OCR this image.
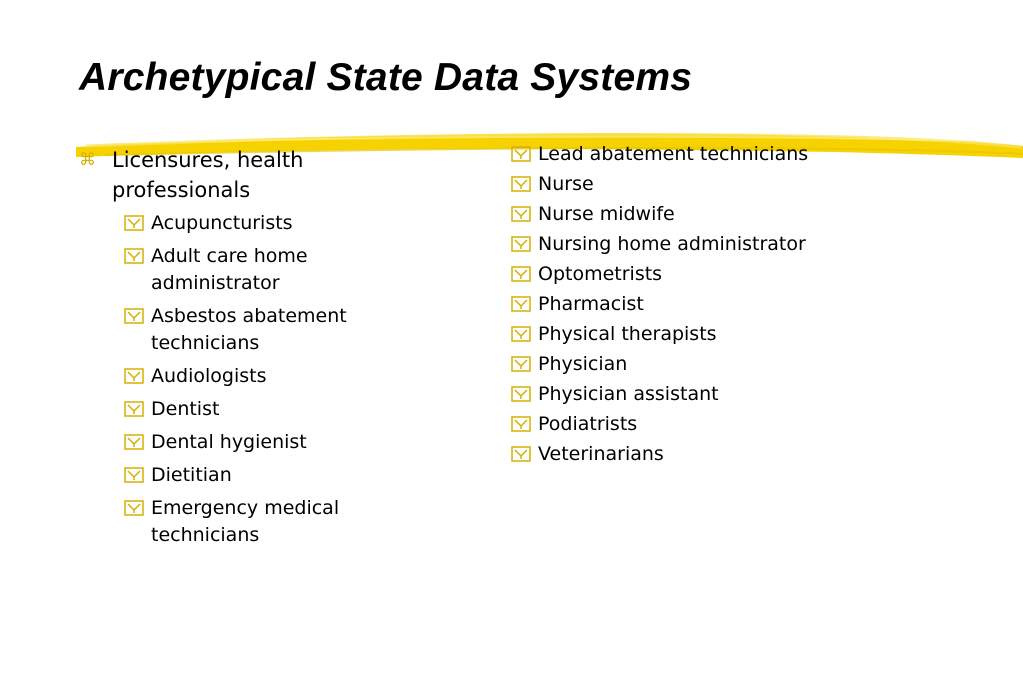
Archetypical State Data Systems
⌘ Licensures, health professionals
Acupuncturists
Adult care home administrator
Asbestos abatement technicians
Audiologists
Dentist
Dental hygienist
Dietitian
Emergency medical technicians
Lead abatement technicians
Nurse
Nurse midwife
Nursing home administrator
Optometrists
Pharmacist
Physical therapists
Physician
Physician assistant
Podiatrists
Veterinarians
